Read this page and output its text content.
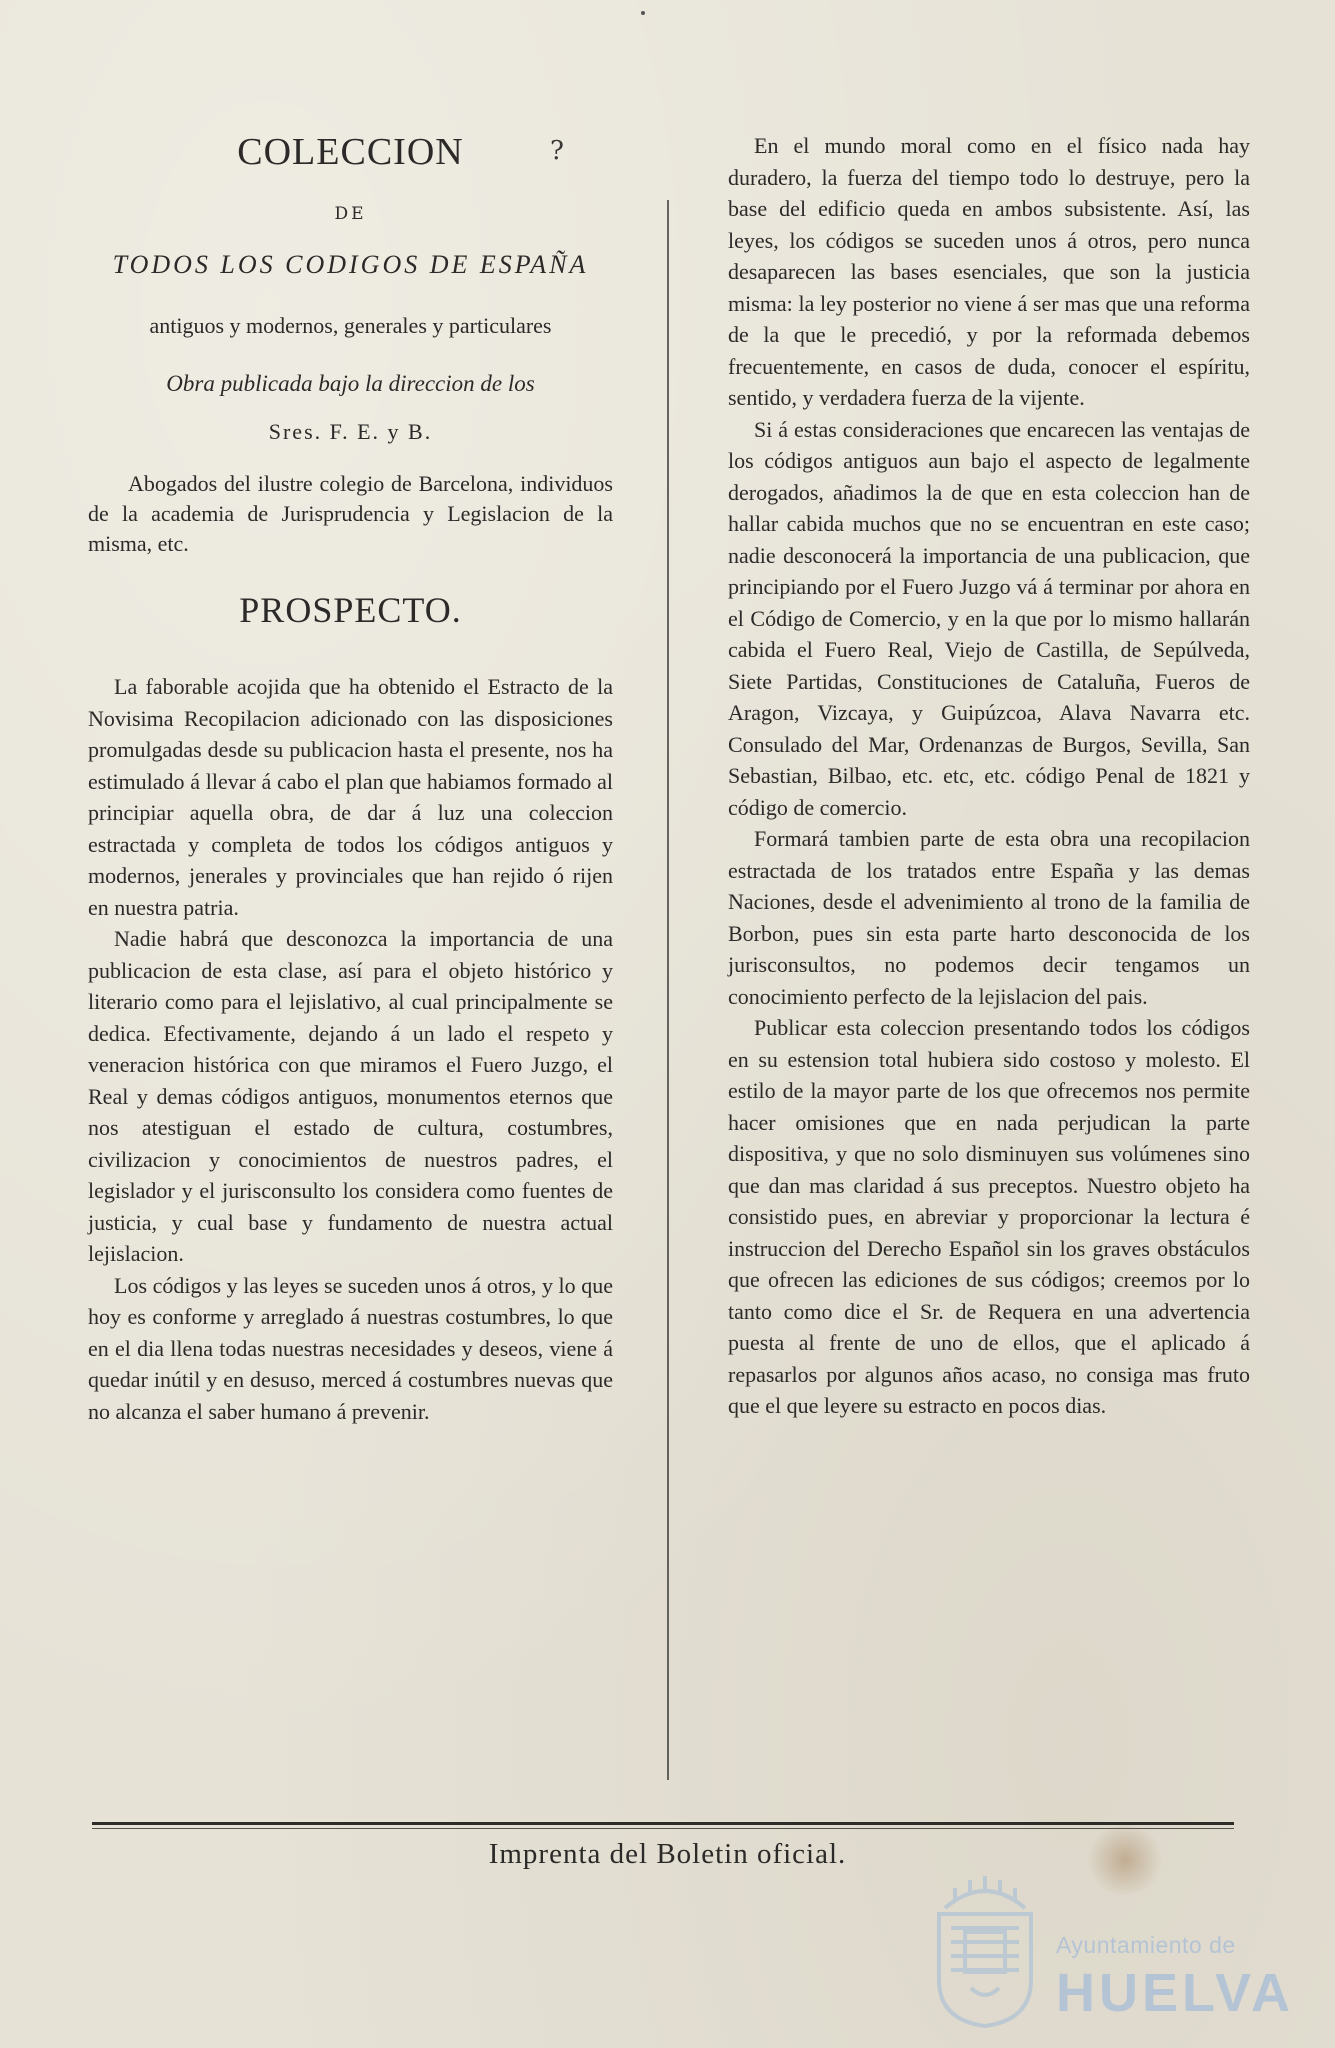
?
COLECCION
DE
TODOS LOS CODIGOS DE ESPAÑA
antiguos y modernos, generales y particulares
Obra publicada bajo la direccion de los
Sres. F. E. y B.
Abogados del ilustre colegio de Barcelona, individuos de la academia de Jurisprudencia y Legislacion de la misma, etc.
PROSPECTO.

La faborable acojida que ha obtenido el Estracto de la Novisima Recopilacion adicionado con las disposiciones promulgadas desde su publicacion hasta el presente, nos ha estimulado á llevar á cabo el plan que habiamos formado al principiar aquella obra, de dar á luz una coleccion estractada y completa de todos los códigos antiguos y modernos, jenerales y provinciales que han rejido ó rijen en nuestra patria.

Nadie habrá que desconozca la importancia de una publicacion de esta clase, así para el objeto histórico y literario como para el lejislativo, al cual principalmente se dedica. Efectivamente, dejando á un lado el respeto y veneracion histórica con que miramos el Fuero Juzgo, el Real y demas códigos antiguos, monumentos eternos que nos atestiguan el estado de cultura, costumbres, civilizacion y conocimientos de nuestros padres, el legislador y el jurisconsulto los considera como fuentes de justicia, y cual base y fundamento de nuestra actual lejislacion.

Los códigos y las leyes se suceden unos á otros, y lo que hoy es conforme y arreglado á nuestras costumbres, lo que en el dia llena todas nuestras necesidades y deseos, viene á quedar inútil y en desuso, merced á costumbres nuevas que no alcanza el saber humano á prevenir.

En el mundo moral como en el físico nada hay duradero, la fuerza del tiempo todo lo destruye, pero la base del edificio queda en ambos subsistente. Así, las leyes, los códigos se suceden unos á otros, pero nunca desaparecen las bases esenciales, que son la justicia misma: la ley posterior no viene á ser mas que una reforma de la que le precedió, y por la reformada debemos frecuentemente, en casos de duda, conocer el espíritu, sentido, y verdadera fuerza de la vijente.

Si á estas consideraciones que encarecen las ventajas de los códigos antiguos aun bajo el aspecto de legalmente derogados, añadimos la de que en esta coleccion han de hallar cabida muchos que no se encuentran en este caso; nadie desconocerá la importancia de una publicacion, que principiando por el Fuero Juzgo vá á terminar por ahora en el Código de Comercio, y en la que por lo mismo hallarán cabida el Fuero Real, Viejo de Castilla, de Sepúlveda, Siete Partidas, Constituciones de Cataluña, Fueros de Aragon, Vizcaya, y Guipúzcoa, Alava Navarra etc. Consulado del Mar, Ordenanzas de Burgos, Sevilla, San Sebastian, Bilbao, etc. etc, etc. código Penal de 1821 y código de comercio.

Formará tambien parte de esta obra una recopilacion estractada de los tratados entre España y las demas Naciones, desde el advenimiento al trono de la familia de Borbon, pues sin esta parte harto desconocida de los jurisconsultos, no podemos decir tengamos un conocimiento perfecto de la lejislacion del pais.

Publicar esta coleccion presentando todos los códigos en su estension total hubiera sido costoso y molesto. El estilo de la mayor parte de los que ofrecemos nos permite hacer omisiones que en nada perjudican la parte dispositiva, y que no solo disminuyen sus volúmenes sino que dan mas claridad á sus preceptos. Nuestro objeto ha consistido pues, en abreviar y proporcionar la lectura é instruccion del Derecho Español sin los graves obstáculos que ofrecen las ediciones de sus códigos; creemos por lo tanto como dice el Sr. de Requera en una advertencia puesta al frente de uno de ellos, que el aplicado á repasarlos por algunos años acaso, no consiga mas fruto que el que leyere su estracto en pocos dias.

Imprenta del Boletin oficial.
Ayuntamiento de
HUELVA
